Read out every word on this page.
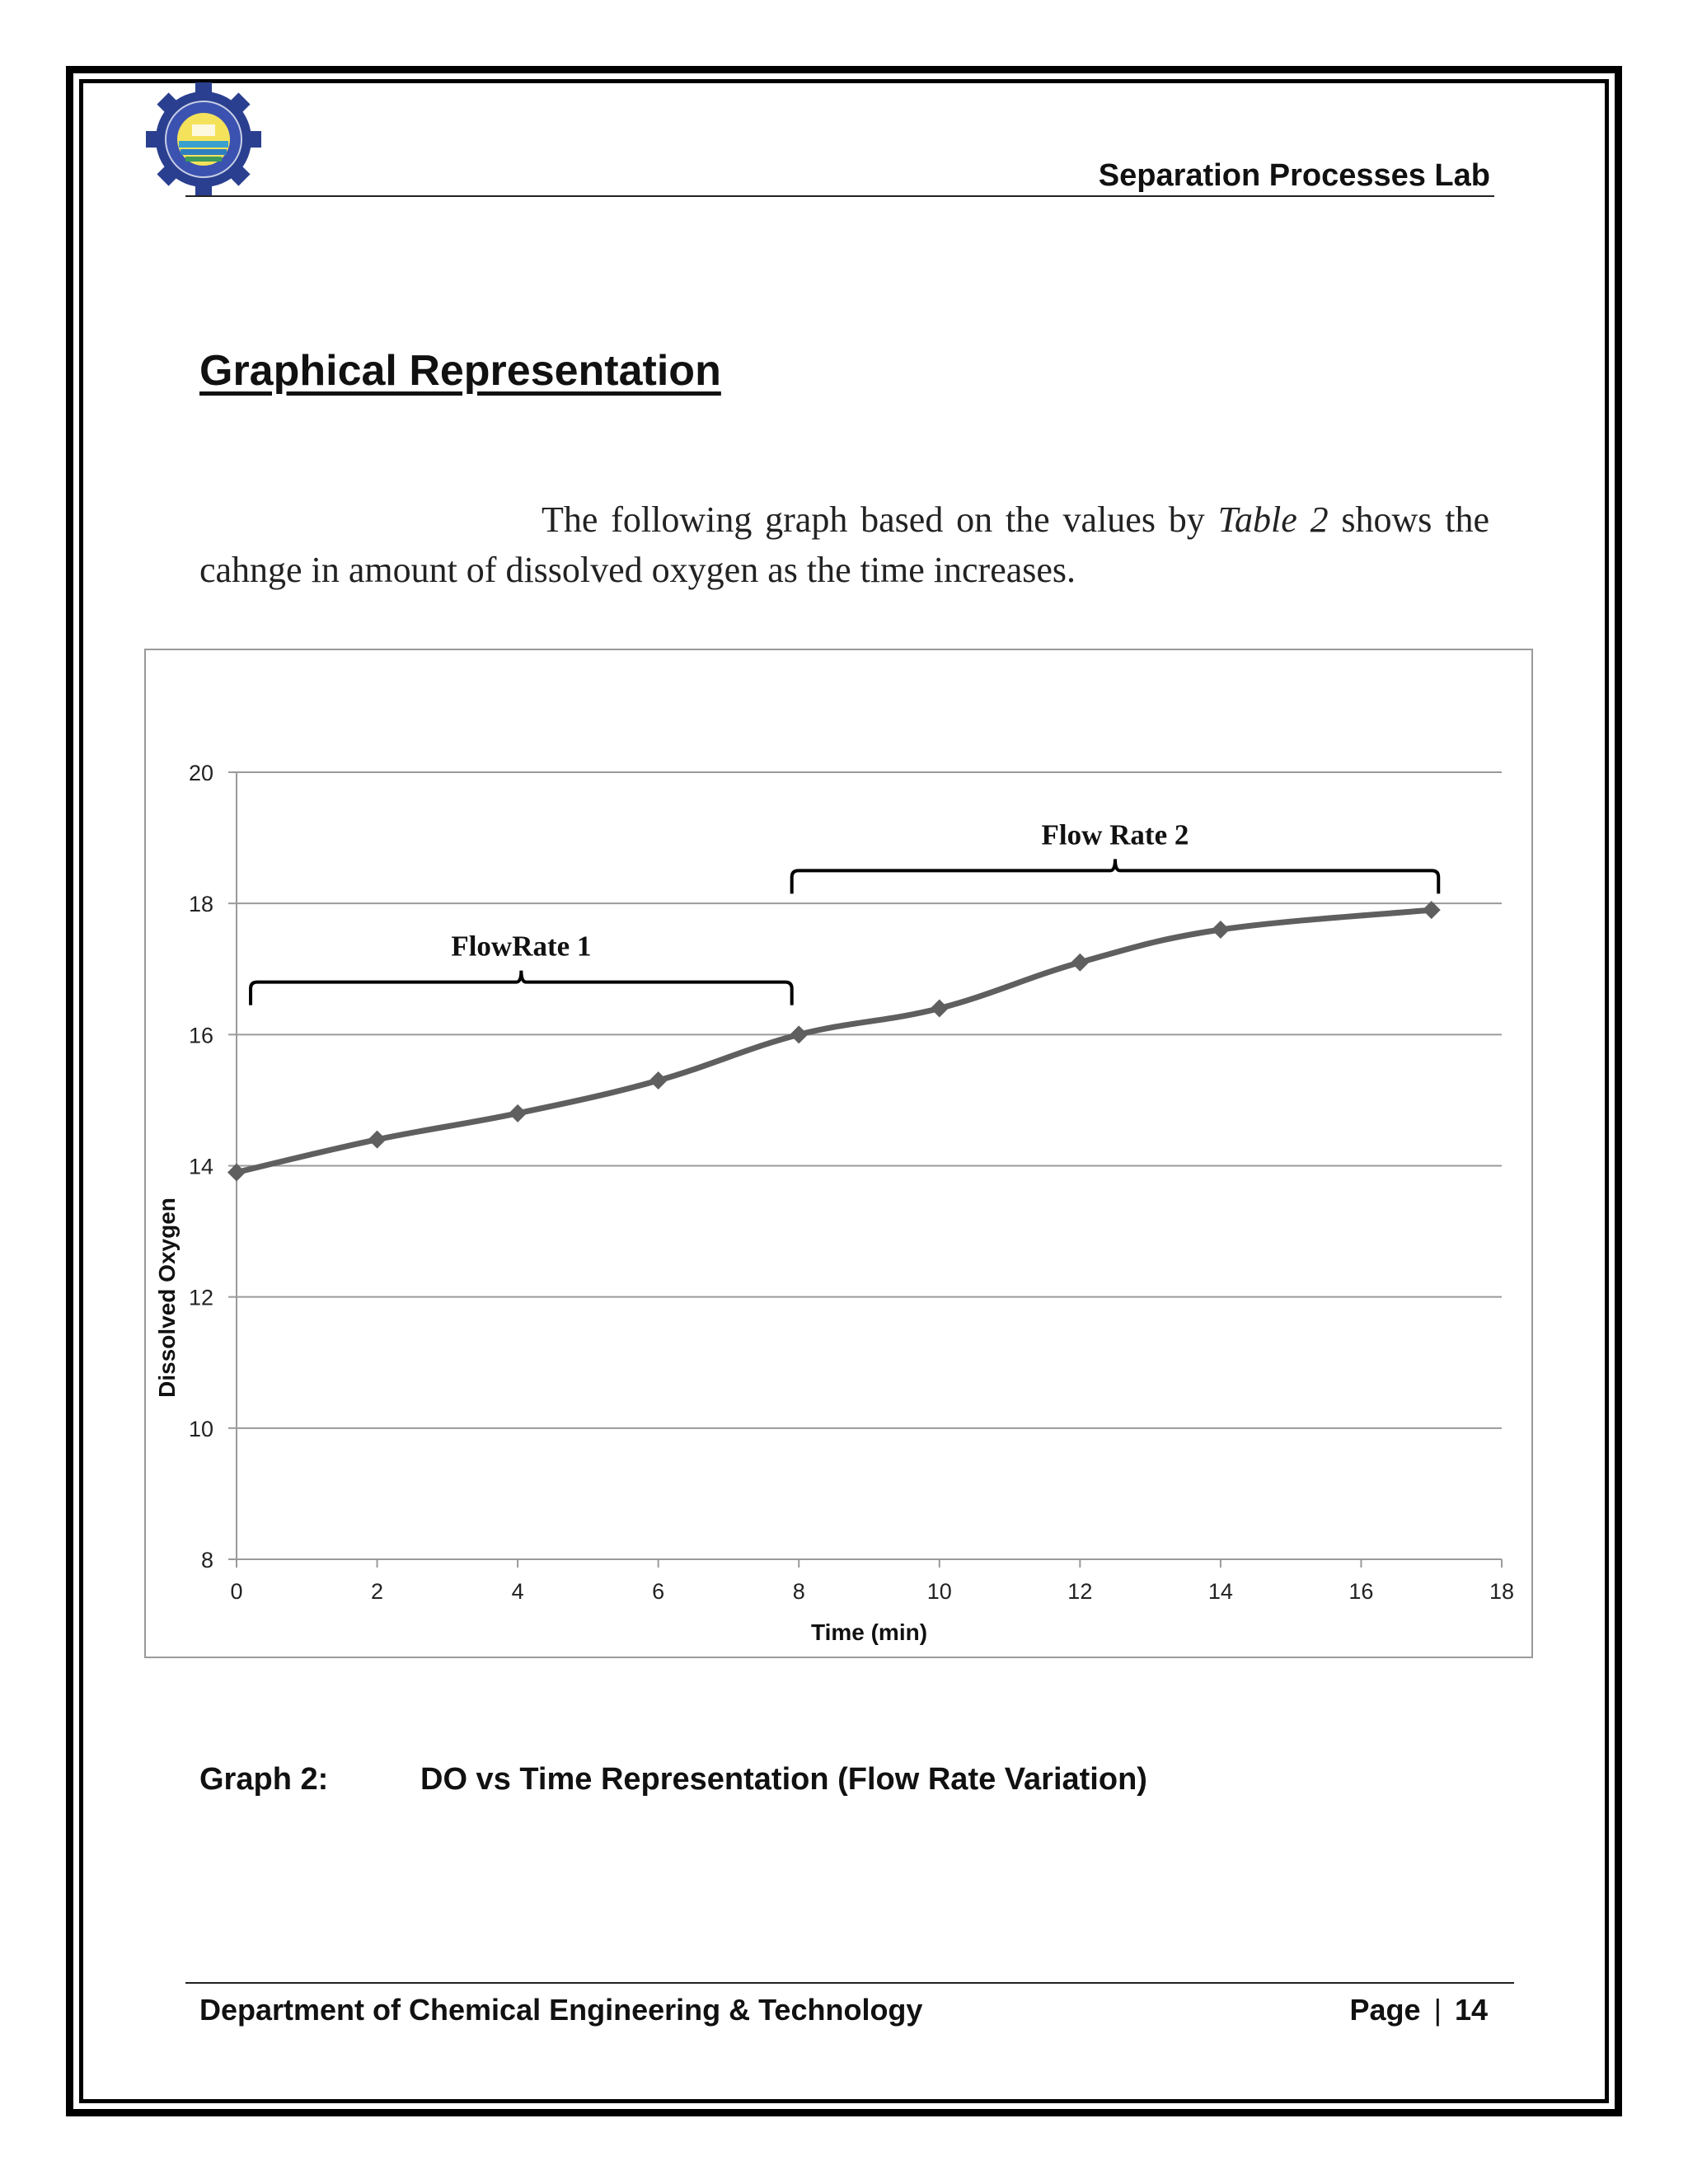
Separation Processes Lab
Graphical Representation

The following graph based on the values by Table 2 shows the cahnge in amount of dissolved oxygen as the time increases.

8
10
12
14
16
18
20
0	2	4	6	8	10	12	14	16	18
Time (min)
Dissolved Oxygen
FlowRate 1
Flow Rate 2
Graph 2:	DO vs Time Representation (Flow Rate Variation)
Department of Chemical Engineering & Technology	Page | 14
